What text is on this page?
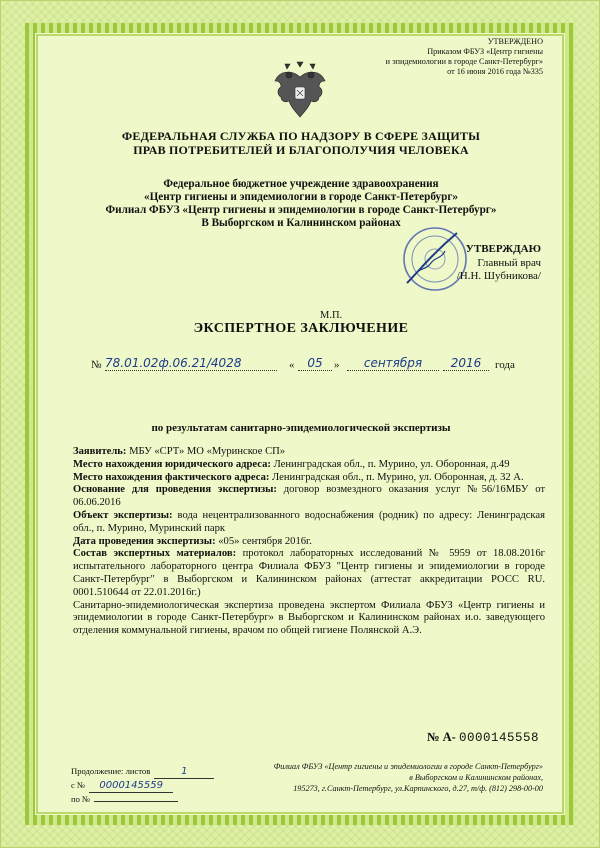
УТВЕРЖДЕНО
Приказом ФБУЗ «Центр гигиены
и эпидемиологии в городе Санкт-Петербург»
от 16 июня 2016 года №335
ФЕДЕРАЛЬНАЯ СЛУЖБА ПО НАДЗОРУ В СФЕРЕ ЗАЩИТЫ
ПРАВ ПОТРЕБИТЕЛЕЙ И БЛАГОПОЛУЧИЯ ЧЕЛОВЕКА
Федеральное бюджетное учреждение здравоохранения
«Центр гигиены и эпидемиологии в городе Санкт-Петербург»
Филиал ФБУЗ «Центр гигиены и эпидемиологии в городе Санкт-Петербург»
В Выборгском и Калининском районах
УТВЕРЖДАЮ
Главный врач
/Н.Н. Шубникова/
М.П.
ЭКСПЕРТНОЕ ЗАКЛЮЧЕНИЕ
№ 78.01.02ф.06.21/4028	«	05	»	сентября	2016	года
по результатам санитарно-эпидемиологической экспертизы

Заявитель: МБУ «СРТ» МО «Муринское СП»

Место нахождения юридического адреса: Ленинградская обл., п. Мурино, ул. Оборонная, д.49

Место нахождения фактического адреса: Ленинградская обл., п. Мурино, ул. Оборонная, д. 32 А.

Основание для проведения экспертизы: договор возмездного оказания услуг №56/16МБУ от 06.06.2016

Объект экспертизы: вода нецентрализованного водоснабжения (родник) по адресу: Ленинградская обл., п. Мурино, Муринский парк

Дата проведения экспертизы: «05» сентября 2016г.

Состав экспертных материалов: протокол лабораторных исследований № 5959 от 18.08.2016г испытательного лабораторного центра Филиала ФБУЗ "Центр гигиены и эпидемиологии в городе Санкт-Петербург" в Выборгском и Калининском районах (аттестат аккредитации РОСС RU. 0001.510644 от 22.01.2016г.)

Санитарно-эпидемиологическая экспертиза проведена экспертом Филиала ФБУЗ «Центр гигиены и эпидемиологии в городе Санкт-Петербург» в Выборгском и Калининском районах и.о. заведующего отделения коммунальной гигиены, врачом по общей гигиене Полянской А.Э.

№ А- 0000145558
Продолжение: листов	1
с № 0000145559
по №
Филиал ФБУЗ «Центр гигиены и эпидемиологии в городе Санкт-Петербург»
в Выборгском и Калининском районах,
195273, г.Санкт-Петербург, ул.Карпинского, д.27, т/ф. (812) 298-00-00
